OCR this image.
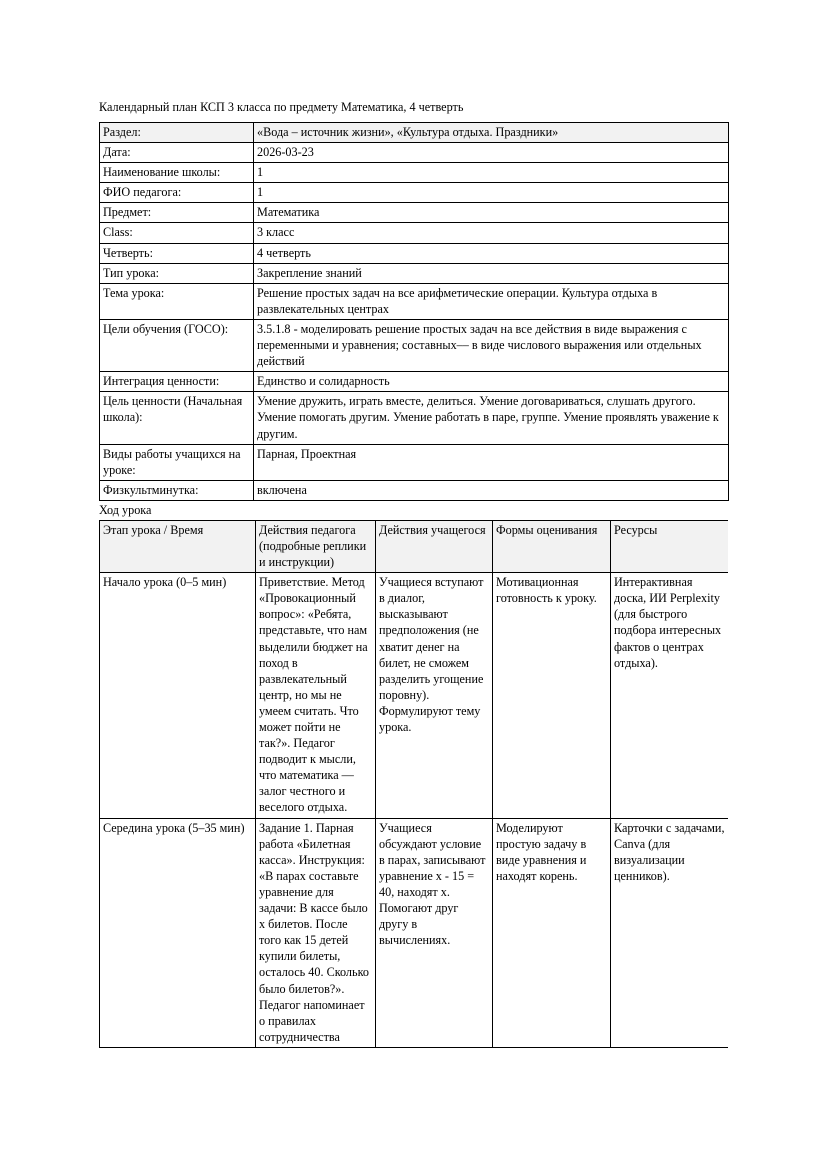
Календарный план КСП 3 класса по предмету Математика, 4 четверть

Раздел:	«Вода – источник жизни», «Культура отдыха. Праздники»
Дата:	2026-03-23
Наименование школы:	1
ФИО педагога:	1
Предмет:	Математика
Class:	3 класс
Четверть:	4 четверть
Тип урока:	Закрепление знаний
Тема урока:	Решение простых задач на все арифметические операции. Культура отдыха в развлекательных центрах
Цели обучения (ГОСО):	3.5.1.8 - моделировать решение простых задач на все действия в виде выражения с переменными и уравнения; составных–– в виде числового выражения или отдельных действий
Интеграция ценности:	Единство и солидарность
Цель ценности (Начальная школа):	Умение дружить, играть вместе, делиться. Умение договариваться, слушать другого. Умение помогать другим. Умение работать в паре, группе. Умение проявлять уважение к другим.
Виды работы учащихся на уроке:	Парная, Проектная
Физкультминутка:	включена

Ход урока

Этап урока / Время	Действия педагога (подробные реплики и инструкции)	Действия учащегося	Формы оценивания	Ресурсы
Начало урока (0–5 мин)	Приветствие. Метод «Провокационный вопрос»: «Ребята, представьте, что нам выделили бюджет на поход в развлекательный центр, но мы не умеем считать. Что может пойти не так?». Педагог подводит к мысли, что математика — залог честного и веселого отдыха.	Учащиеся вступают в диалог, высказывают предположения (не хватит денег на билет, не сможем разделить угощение поровну). Формулируют тему урока.	Мотивационная готовность к уроку.	Интерактивная доска, ИИ Perplexity (для быстрого подбора интересных фактов о центрах отдыха).
Середина урока (5–35 мин)	Задание 1. Парная работа «Билетная касса». Инструкция: «В парах составьте уравнение для задачи: В кассе было x билетов. После того как 15 детей купили билеты, осталось 40. Сколько было билетов?». Педагог напоминает о правилах сотрудничества	Учащиеся обсуждают условие в парах, записывают уравнение x - 15 = 40, находят x. Помогают друг другу в вычислениях.	Моделируют простую задачу в виде уравнения и находят корень.	Карточки с задачами, Canva (для визуализации ценников).
